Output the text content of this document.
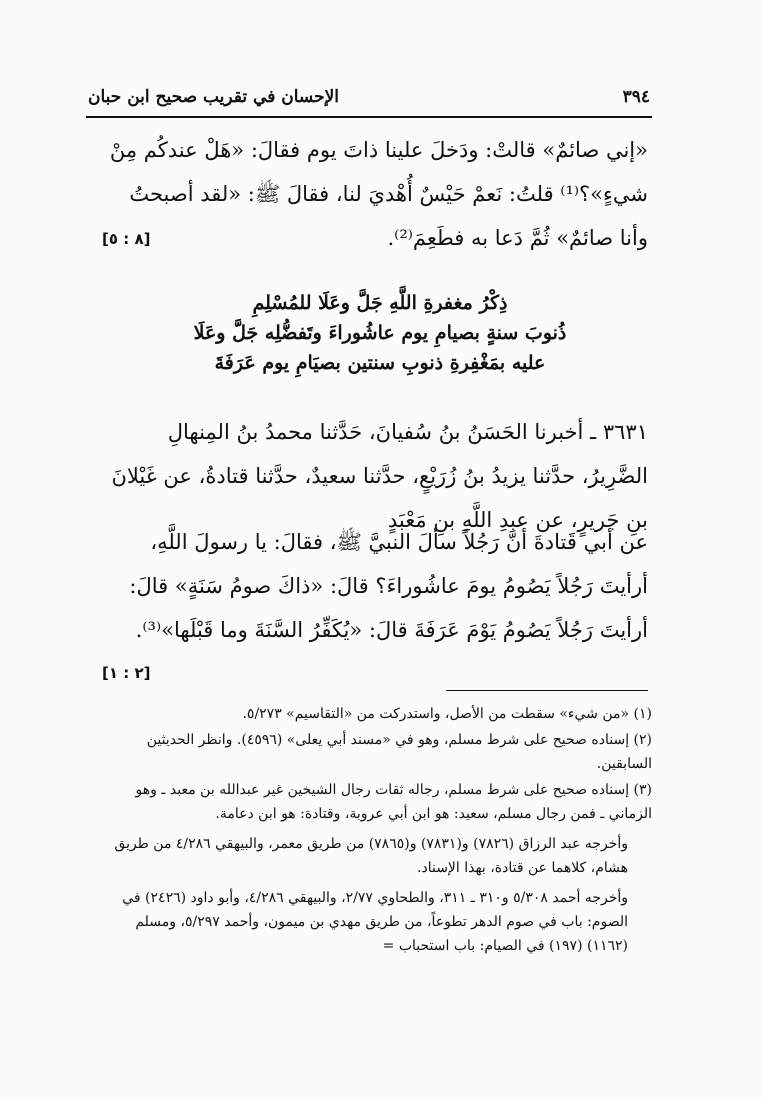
٣٩٤
الإحسان في تقريب صحيح ابن حبان
«إني صائمٌ» قالتْ: ودَخلَ علينا ذاتَ يوم فقالَ: «هَلْ عندكُم مِنْ شيءٍ»؟⁽¹⁾ قلتُ: نَعمْ حَيْسٌ أُهْديَ لنا، فقالَ ﷺ: «لقد أصبحتُ وأنا صائمٌ» ثُمَّ دَعا به فطَعِمَ⁽²⁾.
[٨ : ٥]
ذِكْرُ مغفرةِ اللَّهِ جَلَّ وعَلَا للمُسْلِمِ
ذُنوبَ سنةٍ بصيامِ يوم عاشُوراءَ وتَفضُّلِه جَلَّ وعَلَا
عليه بمَغْفِرةِ ذنوبِ سنتين بصيَامِ يوم عَرَفَةَ
٣٦٣١ ـ أخبرنا الحَسَنُ بنُ سُفيانَ، حَدَّثنا محمدُ بنُ المِنهالِ الضَّرِيرُ، حدَّثنا يزيدُ بنُ زُرَيْعٍ، حدَّثنا سعيدٌ، حدَّثنا قتادةُ، عن غَيْلانَ بنِ جَريرٍ، عن عبدِ اللَّهِ بنِ مَعْبَدٍ
عن أبي قَتادةَ أنَّ رَجُلاً سألَ النبيَّ ﷺ، فقالَ: يا رسولَ اللَّهِ، أرأيتَ رَجُلاً يَصُومُ يومَ عاشُوراءَ؟ قالَ: «ذاكَ صومُ سَنَةٍ» قالَ: أرأيتَ رَجُلاً يَصُومُ يَوْمَ عَرَفَةَ قالَ: «يُكَفِّرُ السَّنَةَ وما قَبْلَها»⁽³⁾.
[٢ : ١]

(١) «من شيء» سقطت من الأصل، واستدركت من «التقاسيم» ٥/٢٧٣.

(٢) إسناده صحيح على شرط مسلم، وهو في «مسند أبي يعلى» (٤٥٩٦). وانظر الحديثين السابقين.

(٣) إسناده صحيح على شرط مسلم، رجاله ثقات رجال الشيخين غير عبدالله بن معبد ـ وهو الزماني ـ فمن رجال مسلم، سعيد: هو ابن أبي عروبة، وقتادة: هو ابن دعامة.

وأخرجه عبد الرزاق (٧٨٢٦) و(٧٨٣١) و(٧٨٦٥) من طريق معمر، والبيهقي ٤/٢٨٦ من طريق هشام، كلاهما عن قتادة، بهذا الإسناد.

وأخرجه أحمد ٥/٣٠٨ و٣١٠ ـ ٣١١، والطحاوي ٢/٧٧، والبيهقي ٤/٢٨٦، وأبو داود (٢٤٢٦) في الصوم: باب في صوم الدهر تطوعاً، من طريق مهدي بن ميمون، وأحمد ٥/٢٩٧، ومسلم (١١٦٢) (١٩٧) في الصيام: باب استحباب =
